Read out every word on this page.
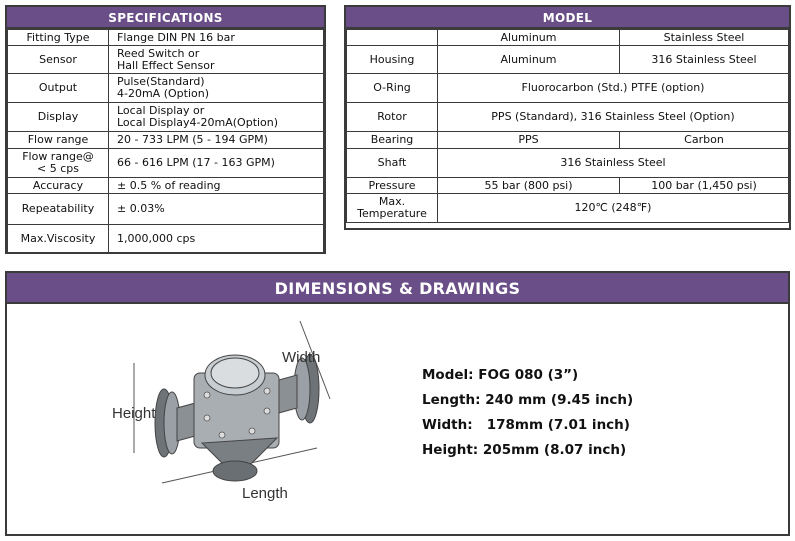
SPECIFICATIONS
Fitting Type	Flange DIN PN 16 bar
Sensor	Reed Switch or
Hall Effect Sensor

Output	Pulse(Standard)
4-20mA (Option)

Display	Local Display or
Local Display4-20mA(Option)

Flow range	20 - 733 LPM (5 - 194 GPM)

Flow range@
< 5 cps	66 - 616 LPM (17 - 163 GPM)
Accuracy	± 0.5 % of reading
Repeatability	± 0.03%
Max.Viscosity	1,000,000 cps
MODEL
	Aluminum	Stainless Steel
Housing	Aluminum	316 Stainless Steel
O-Ring	Fluorocarbon (Std.) PTFE (option)	
Rotor	PPS (Standard), 316 Stainless Steel (Option)	
Bearing	PPS	Carbon
Shaft	316 Stainless Steel	
Pressure	55 bar (800 psi)	100 bar (1,450 psi)

Max.
Temperature	120℃ (248℉)	
DIMENSIONS & DRAWINGS
Width
Height
Length
Model: FOG 080 (3”)
Length: 240 mm (9.45 inch)
Width:   178mm (7.01 inch)
Height: 205mm (8.07 inch)
